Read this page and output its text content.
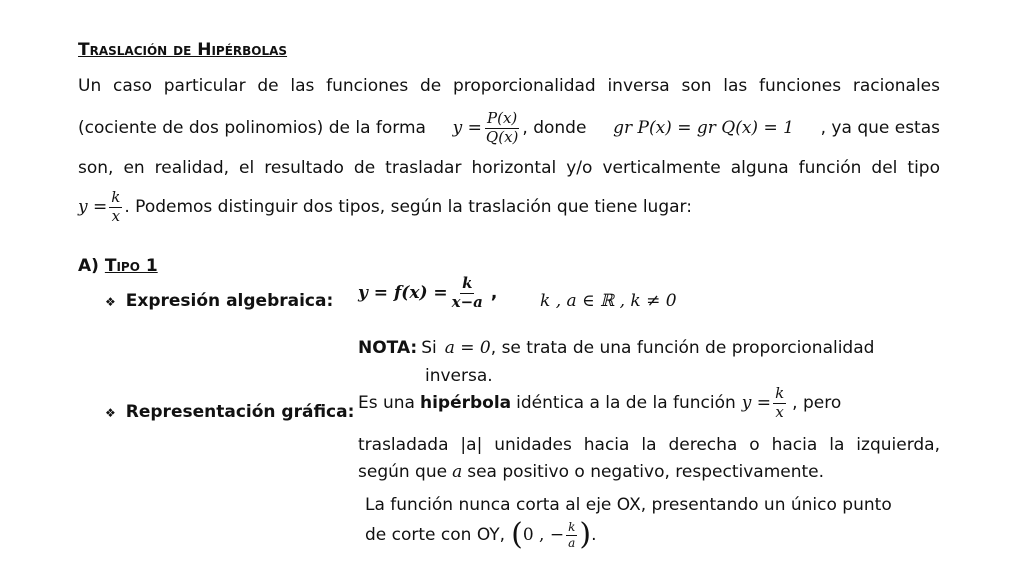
Traslación de Hipérbolas
Un caso particular de las funciones de proporcionalidad inversa son las funciones racionales
(cociente de dos polinomios) de la forma $y = \frac{P(x)}{Q(x)}$ , donde gr P(x) = gr Q(x) = 1 , ya que estas
son, en realidad, el resultado de trasladar horizontal y/o verticalmente alguna función del tipo
$y = \frac{k}{x}$ . Podemos distinguir dos tipos, según la traslación que tiene lugar:
A) Tipo 1
❖ Expresión algebraica: $y = f(x) = \frac{k}{x-a}$ ,	k , a ∈ ℝ , k ≠ 0
NOTA: Si a = 0 , se trata de una función de proporcionalidad
inversa.
❖ Representación gráfica: Es una hipérbola idéntica a la de la función $y = \frac{k}{x}$ , pero
trasladada |a| unidades hacia la derecha o hacia la izquierda,
según que a sea positivo o negativo, respectivamente.
La función nunca corta al eje OX, presentando un único punto
de corte con OY, ( 0 , − $\frac{k}{a}$ ) .
